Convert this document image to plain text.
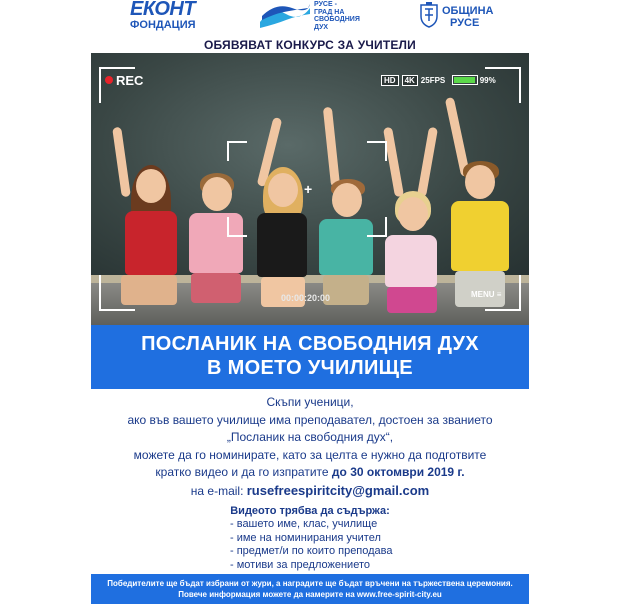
ЕКОНТ
ФОНДАЦИЯ
РУСЕ -
ГРАД НА
СВОБОДНИЯ
ДУХ
ОБЩИНА
РУСЕ
ОБЯВЯВАТ КОНКУРС ЗА УЧИТЕЛИ
+
REC	HD 4K 25FPS	99%
00:00:20:00	MENU ≡
ПОСЛАНИК НА СВОБОДНИЯ ДУХ
В МОЕТО УЧИЛИЩЕ
Скъпи ученици,
ако във вашето училище има преподавател, достоен за званието
„Посланик на свободния дух“,
можете да го номинирате, като за целта е нужно да подготвите
кратко видео и да го изпратите до 30 октомври 2019 г.
на e-mail: rusefreespiritcity@gmail.com
Видеото трябва да съдържа:
- вашето име, клас, училище
- име на номинирания учител
- предмет/и по които преподава
- мотиви за предложението
Победителите ще бъдат избрани от жури, а наградите ще бъдат връчени на тържествена церемония.
Повече информация можете да намерите на www.free-spirit-city.eu
